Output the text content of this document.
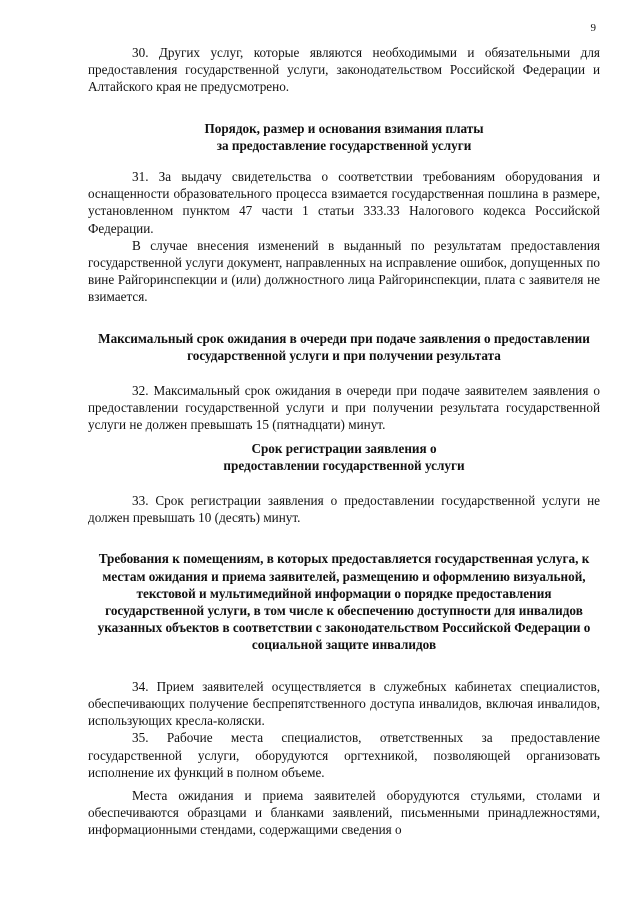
9

30. Других услуг, которые являются необходимыми и обязательными для предоставления государственной услуги, законодательством Российской Федерации и Алтайского края не предусмотрено.

Порядок, размер и основания взимания платы за предоставление государственной услуги

31. За выдачу свидетельства о соответствии требованиям оборудования и оснащенности образовательного процесса взимается государственная пошлина в размере, установленном пунктом 47 части 1 статьи 333.33 Налогового кодекса Российской Федерации.

В случае внесения изменений в выданный по результатам предоставления государственной услуги документ, направленных на исправление ошибок, допущенных по вине Райгоринспекции и (или) должностного лица Райгоринспекции, плата с заявителя не взимается.

Максимальный срок ожидания в очереди при подаче заявления о предоставлении государственной услуги и при получении результата

32. Максимальный срок ожидания в очереди при подаче заявителем заявления о предоставлении государственной услуги и при получении результата государственной услуги не должен превышать 15 (пятнадцати) минут.

Срок регистрации заявления о предоставлении государственной услуги

33. Срок регистрации заявления о предоставлении государственной услуги не должен превышать 10 (десять) минут.

Требования к помещениям, в которых предоставляется государственная услуга, к местам ожидания и приема заявителей, размещению и оформлению визуальной, текстовой и мультимедийной информации о порядке предоставления государственной услуги, в том числе к обеспечению доступности для инвалидов указанных объектов в соответствии с законодательством Российской Федерации о социальной защите инвалидов

34. Прием заявителей осуществляется в служебных кабинетах специалистов, обеспечивающих получение беспрепятственного доступа инвалидов, включая инвалидов, использующих кресла-коляски.

35. Рабочие места специалистов, ответственных за предоставление государственной услуги, оборудуются оргтехникой, позволяющей организовать исполнение их функций в полном объеме.

Места ожидания и приема заявителей оборудуются стульями, столами и обеспечиваются образцами и бланками заявлений, письменными принадлежностями, информационными стендами, содержащими сведения о
